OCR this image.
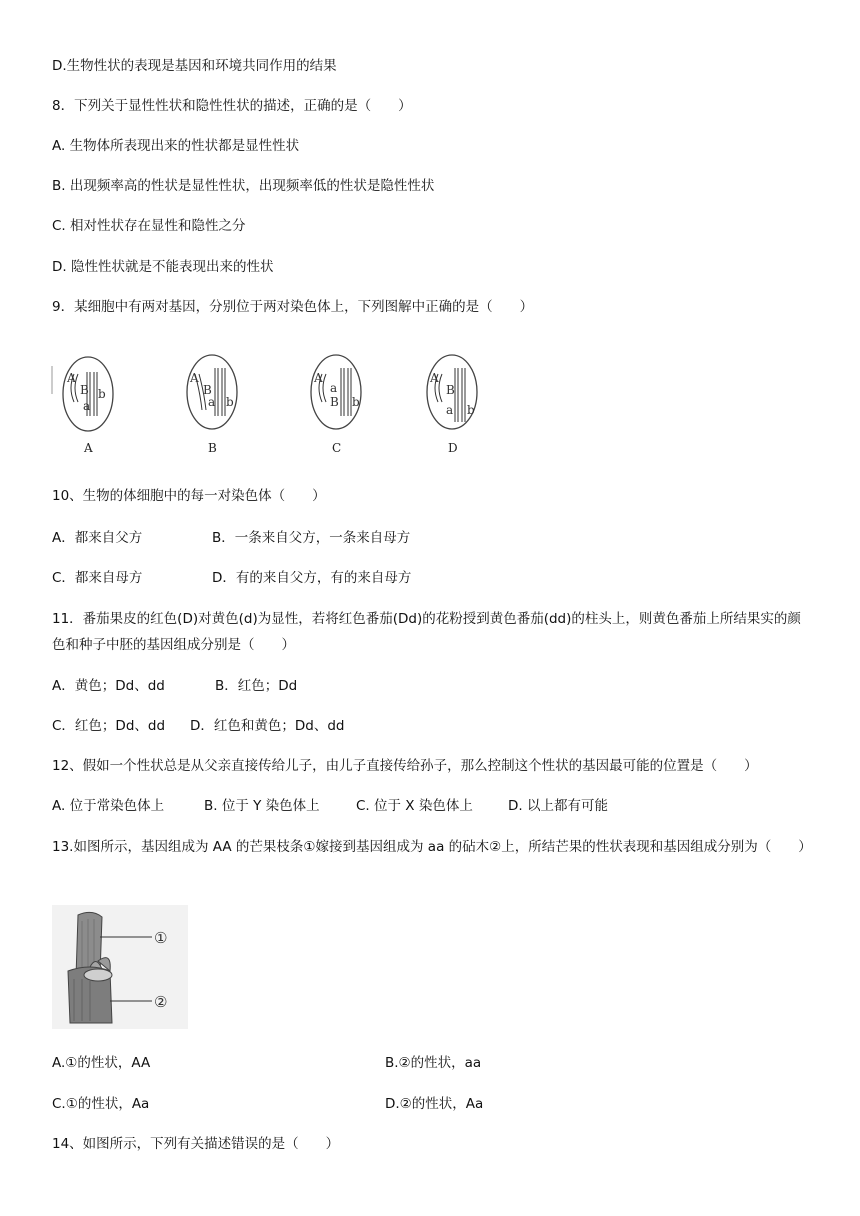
D.生物性状的表现是基因和环境共同作用的结果
8．下列关于显性性状和隐性性状的描述，正确的是（　　）
A. 生物体所表现出来的性状都是显性性状
B. 出现频率高的性状是显性性状，出现频率低的性状是隐性性状
C. 相对性状存在显性和隐性之分
D. 隐性性状就是不能表现出来的性状
9．某细胞中有两对基因，分别位于两对染色体上，下列图解中正确的是（　　）
A
B b
a
A
A
B
a b
B
A
a
B b
C
A
B
a b
D
10、生物的体细胞中的每一对染色体（　　）
A．都来自父方	B．一条来自父方，一条来自母方
C．都来自母方	D．有的来自父方，有的来自母方
11．番茄果皮的红色(D)对黄色(d)为显性，若将红色番茄(Dd)的花粉授到黄色番茄(dd)的柱头上，则黄色番茄上所结果实的颜色和种子中胚的基因组成分别是（　　）
A．黄色；Dd、dd	B．红色；Dd
C．红色；Dd、dd D．红色和黄色；Dd、dd
12、假如一个性状总是从父亲直接传给儿子，由儿子直接传给孙子，那么控制这个性状的基因最可能的位置是（　　）
A. 位于常染色体上	B. 位于 Y 染色体上	C. 位于 X 染色体上	D. 以上都有可能
13.如图所示，基因组成为 AA 的芒果枝条①嫁接到基因组成为 aa 的砧木②上，所结芒果的性状表现和基因组成分别为（　　）
①
②
A.①的性状，AA	B.②的性状，aa
C.①的性状，Aa	D.②的性状，Aa
14、如图所示，下列有关描述错误的是（　　）
